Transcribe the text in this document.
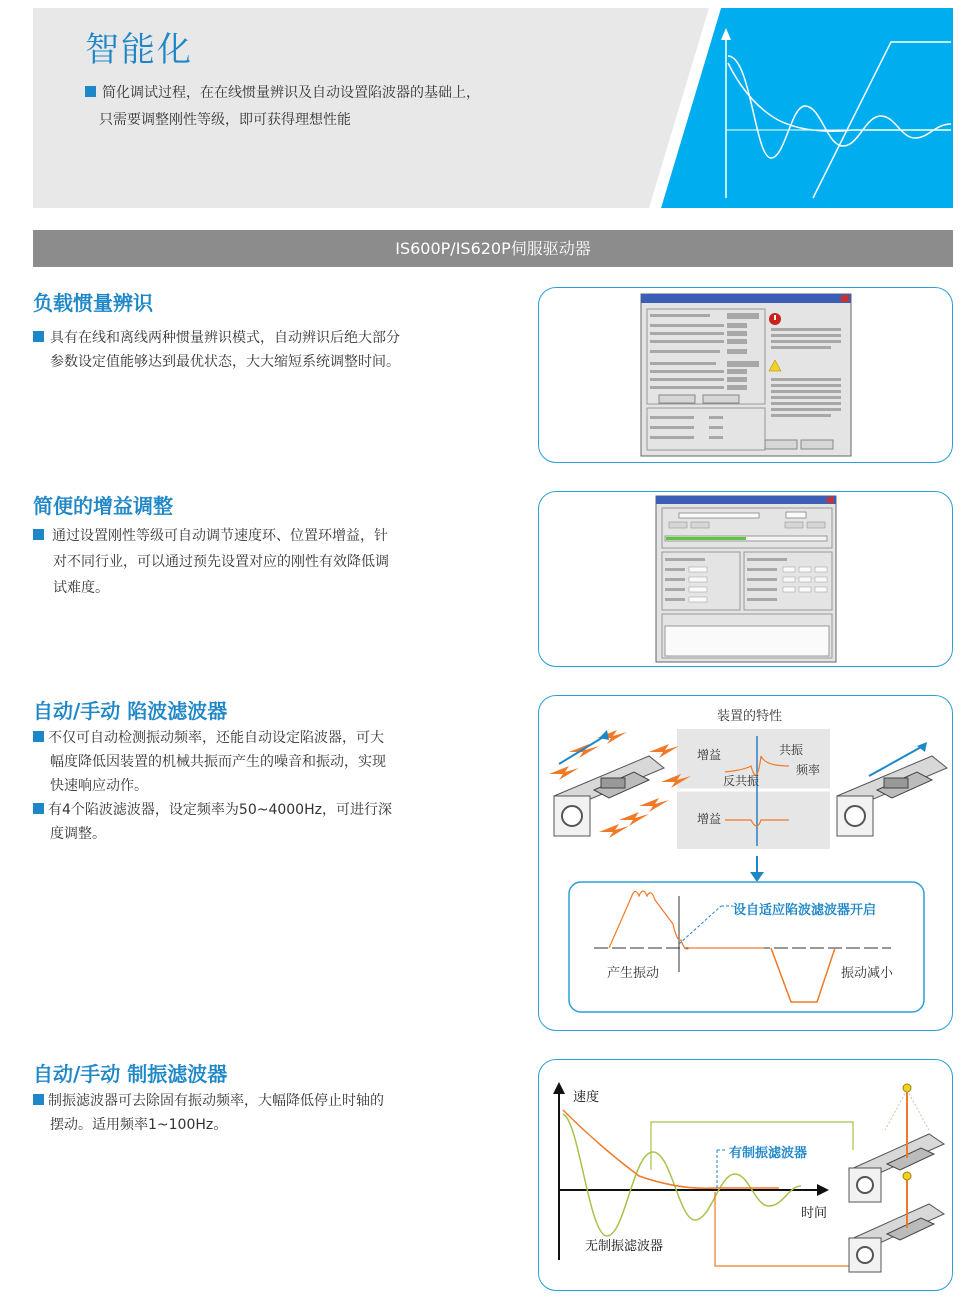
智能化
简化调试过程，在在线惯量辨识及自动设置陷波器的基础上，
只需要调整刚性等级，即可获得理想性能
IS600P/IS620P伺服驱动器
负载惯量辨识
具有在线和离线两种惯量辨识模式，自动辨识后绝大部分
参数设定值能够达到最优状态，大大缩短系统调整时间。
简便的增益调整
通过设置刚性等级可自动调节速度环、位置环增益，针
对不同行业，可以通过预先设置对应的刚性有效降低调
试难度。
自动/手动 陷波滤波器
不仅可自动检测振动频率，还能自动设定陷波器，可大
幅度降低因装置的机械共振而产生的噪音和振动，实现
快速响应动作。
有4个陷波滤波器，设定频率为50~4000Hz，可进行深
度调整。
装置的特性
增益	共振
反共振
频率
增益
设自适应陷波滤波器开启
产生振动	振动减小
自动/手动 制振滤波器
制振滤波器可去除固有振动频率，大幅降低停止时轴的
摆动。适用频率1~100Hz。
速度
时间
有制振滤波器
无制振滤波器
